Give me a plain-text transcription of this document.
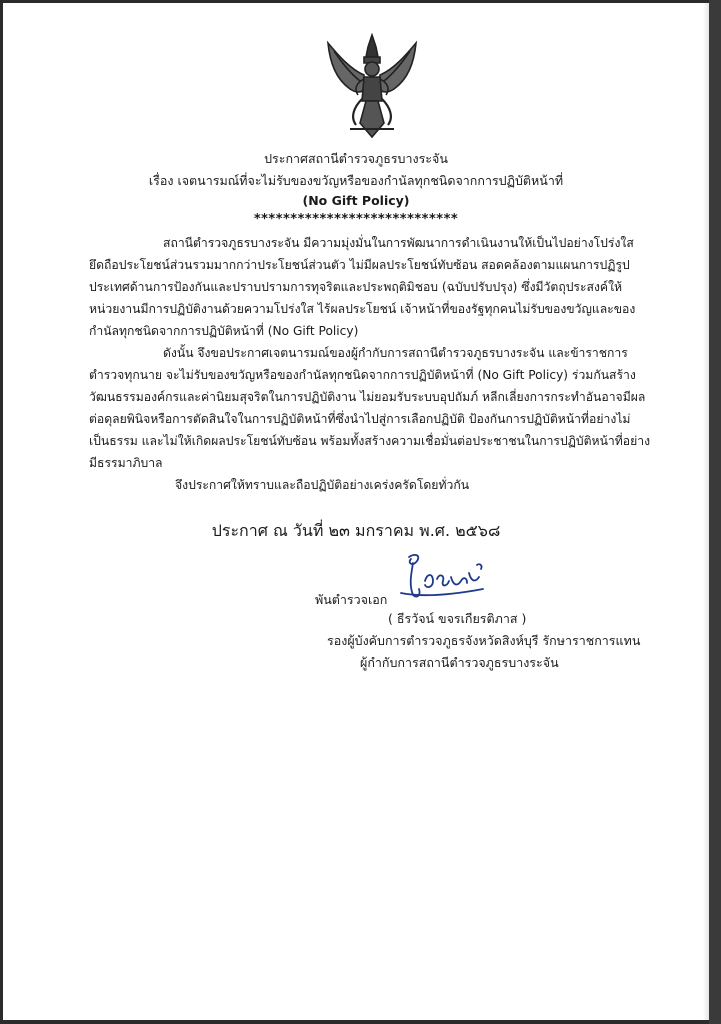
ประกาศสถานีตำรวจภูธรบางระจัน
เรื่อง เจตนารมณ์ที่จะไม่รับของขวัญหรือของกำนัลทุกชนิดจากการปฏิบัติหน้าที่
(No Gift Policy)
****************************
สถานีตำรวจภูธรบางระจัน มีความมุ่งมั่นในการพัฒนาการดำเนินงานให้เป็นไปอย่างโปร่งใส
ยึดถือประโยชน์ส่วนรวมมากกว่าประโยชน์ส่วนตัว ไม่มีผลประโยชน์ทับซ้อน สอดคล้องตามแผนการปฏิรูป
ประเทศด้านการป้องกันและปราบปรามการทุจริตและประพฤติมิชอบ (ฉบับปรับปรุง) ซึ่งมีวัตถุประสงค์ให้
หน่วยงานมีการปฏิบัติงานด้วยความโปร่งใส ไร้ผลประโยชน์ เจ้าหน้าที่ของรัฐทุกคนไม่รับของขวัญและของ
กำนัลทุกชนิดจากการปฏิบัติหน้าที่ (No Gift Policy)
ดังนั้น จึงขอประกาศเจตนารมณ์ของผู้กำกับการสถานีตำรวจภูธรบางระจัน และข้าราชการ
ตำรวจทุกนาย จะไม่รับของขวัญหรือของกำนัลทุกชนิดจากการปฏิบัติหน้าที่ (No Gift Policy) ร่วมกันสร้าง
วัฒนธรรมองค์กรและค่านิยมสุจริตในการปฏิบัติงาน ไม่ยอมรับระบบอุปถัมภ์ หลีกเลี่ยงการกระทำอันอาจมีผล
ต่อดุลยพินิจหรือการตัดสินใจในการปฏิบัติหน้าที่ซึ่งนำไปสู่การเลือกปฏิบัติ ป้องกันการปฏิบัติหน้าที่อย่างไม่
เป็นธรรม และไม่ให้เกิดผลประโยชน์ทับซ้อน พร้อมทั้งสร้างความเชื่อมั่นต่อประชาชนในการปฏิบัติหน้าที่อย่าง
มีธรรมาภิบาล
จึงประกาศให้ทราบและถือปฏิบัติอย่างเคร่งครัดโดยทั่วกัน
ประกาศ ณ วันที่ ๒๓ มกราคม พ.ศ. ๒๕๖๘
พันตำรวจเอก
( ธีรวัจน์ ขจรเกียรติภาส )
รองผู้บังคับการตำรวจภูธรจังหวัดสิงห์บุรี รักษาราชการแทน
ผู้กำกับการสถานีตำรวจภูธรบางระจัน
